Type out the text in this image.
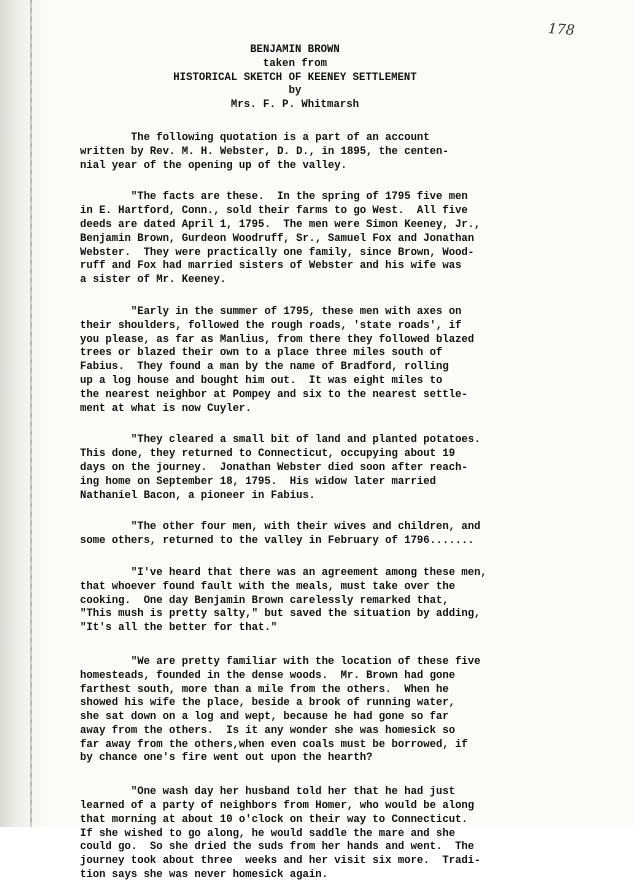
178
BENJAMIN BROWN
taken from
HISTORICAL SKETCH OF KEENEY SETTLEMENT
by
Mrs. F. P. Whitmarsh
The following quotation is a part of an account
written by Rev. M. H. Webster, D. D., in 1895, the centen-
nial year of the opening up of the valley.
"The facts are these.  In the spring of 1795 five men
in E. Hartford, Conn., sold their farms to go West.  All five
deeds are dated April 1, 1795.  The men were Simon Keeney, Jr.,
Benjamin Brown, Gurdeon Woodruff, Sr., Samuel Fox and Jonathan
Webster.  They were practically one family, since Brown, Wood-
ruff and Fox had married sisters of Webster and his wife was
a sister of Mr. Keeney.
"Early in the summer of 1795, these men with axes on
their shoulders, followed the rough roads, 'state roads', if
you please, as far as Manlius, from there they followed blazed
trees or blazed their own to a place three miles south of
Fabius.  They found a man by the name of Bradford, rolling
up a log house and bought him out.  It was eight miles to
the nearest neighbor at Pompey and six to the nearest settle-
ment at what is now Cuyler.
"They cleared a small bit of land and planted potatoes.
This done, they returned to Connecticut, occupying about 19
days on the journey.  Jonathan Webster died soon after reach-
ing home on September 18, 1795.  His widow later married
Nathaniel Bacon, a pioneer in Fabius.
"The other four men, with their wives and children, and
some others, returned to the valley in February of 1796.......
"I've heard that there was an agreement among these men,
that whoever found fault with the meals, must take over the
cooking.  One day Benjamin Brown carelessly remarked that,
"This mush is pretty salty," but saved the situation by adding,
"It's all the better for that."
"We are pretty familiar with the location of these five
homesteads, founded in the dense woods.  Mr. Brown had gone
farthest south, more than a mile from the others.  When he
showed his wife the place, beside a brook of running water,
she sat down on a log and wept, because he had gone so far
away from the others.  Is it any wonder she was homesick so
far away from the others,when even coals must be borrowed, if
by chance one's fire went out upon the hearth?
"One wash day her husband told her that he had just
learned of a party of neighbors from Homer, who would be along
that morning at about 10 o'clock on their way to Connecticut.
If she wished to go along, he would saddle the mare and she
could go.  So she dried the suds from her hands and went.  The
journey took about three  weeks and her visit six more.  Tradi-
tion says she was never homesick again.
